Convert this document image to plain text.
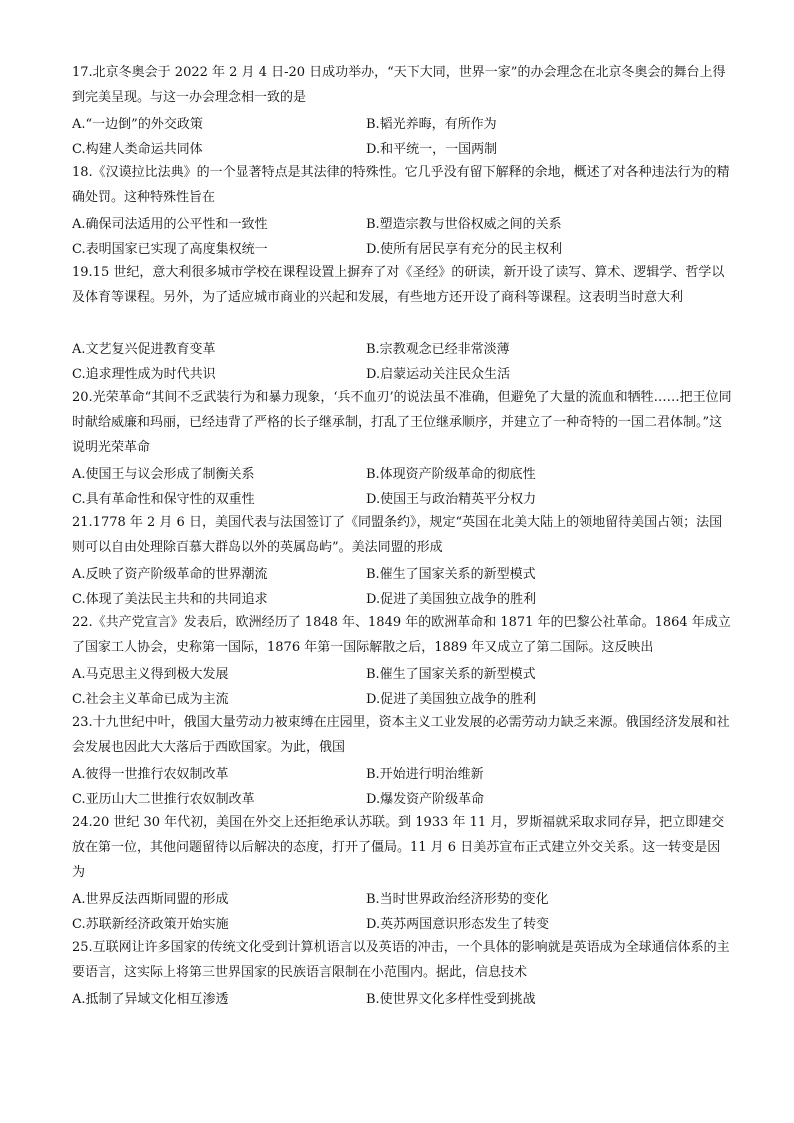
17.北京冬奥会于 2022 年 2 月 4 日-20 日成功举办，“天下大同，世界一家”的办会理念在北京冬奥会的舞台上得到完美呈现。与这一办会理念相一致的是

A.“一边倒”的外交政策	B.韬光养晦，有所作为
C.构建人类命运共同体	D.和平统一，一国两制

18.《汉谟拉比法典》的一个显著特点是其法律的特殊性。它几乎没有留下解释的余地，概述了对各种违法行为的精确处罚。这种特殊性旨在

A.确保司法适用的公平性和一致性	B.塑造宗教与世俗权威之间的关系
C.表明国家已实现了高度集权统一	D.使所有居民享有充分的民主权利

19.15 世纪，意大利很多城市学校在课程设置上摒弃了对《圣经》的研读，新开设了读写、算术、逻辑学、哲学以及体育等课程。另外，为了适应城市商业的兴起和发展，有些地方还开设了商科等课程。这表明当时意大利

A.文艺复兴促进教育变革	B.宗教观念已经非常淡薄
C.追求理性成为时代共识	D.启蒙运动关注民众生活

20.光荣革命“其间不乏武装行为和暴力现象，‘兵不血刃’的说法虽不准确，但避免了大量的流血和牺牲……把王位同时献给威廉和玛丽，已经违背了严格的长子继承制，打乱了王位继承顺序，并建立了一种奇特的一国二君体制。”这说明光荣革命

A.使国王与议会形成了制衡关系	B.体现资产阶级革命的彻底性
C.具有革命性和保守性的双重性	D.使国王与政治精英平分权力

21.1778 年 2 月 6 日，美国代表与法国签订了《同盟条约》，规定“英国在北美大陆上的领地留待美国占领；法国则可以自由处理除百慕大群岛以外的英属岛屿”。美法同盟的形成

A.反映了资产阶级革命的世界潮流	B.催生了国家关系的新型模式
C.体现了美法民主共和的共同追求	D.促进了美国独立战争的胜利

22.《共产党宣言》发表后，欧洲经历了 1848 年、1849 年的欧洲革命和 1871 年的巴黎公社革命。1864 年成立了国家工人协会，史称第一国际，1876 年第一国际解散之后，1889 年又成立了第二国际。这反映出

A.马克思主义得到极大发展	B.催生了国家关系的新型模式
C.社会主义革命已成为主流	D.促进了美国独立战争的胜利

23.十九世纪中叶，俄国大量劳动力被束缚在庄园里，资本主义工业发展的必需劳动力缺乏来源。俄国经济发展和社会发展也因此大大落后于西欧国家。为此，俄国

A.彼得一世推行农奴制改革	B.开始进行明治维新
C.亚历山大二世推行农奴制改革	D.爆发资产阶级革命

24.20 世纪 30 年代初，美国在外交上还拒绝承认苏联。到 1933 年 11 月，罗斯福就采取求同存异，把立即建交放在第一位，其他问题留待以后解决的态度，打开了僵局。11 月 6 日美苏宣布正式建立外交关系。这一转变是因为

A.世界反法西斯同盟的形成	B.当时世界政治经济形势的变化
C.苏联新经济政策开始实施	D.英苏两国意识形态发生了转变

25.互联网让许多国家的传统文化受到计算机语言以及英语的冲击，一个具体的影响就是英语成为全球通信体系的主要语言，这实际上将第三世界国家的民族语言限制在小范围内。据此，信息技术

A.抵制了异域文化相互渗透	B.使世界文化多样性受到挑战
